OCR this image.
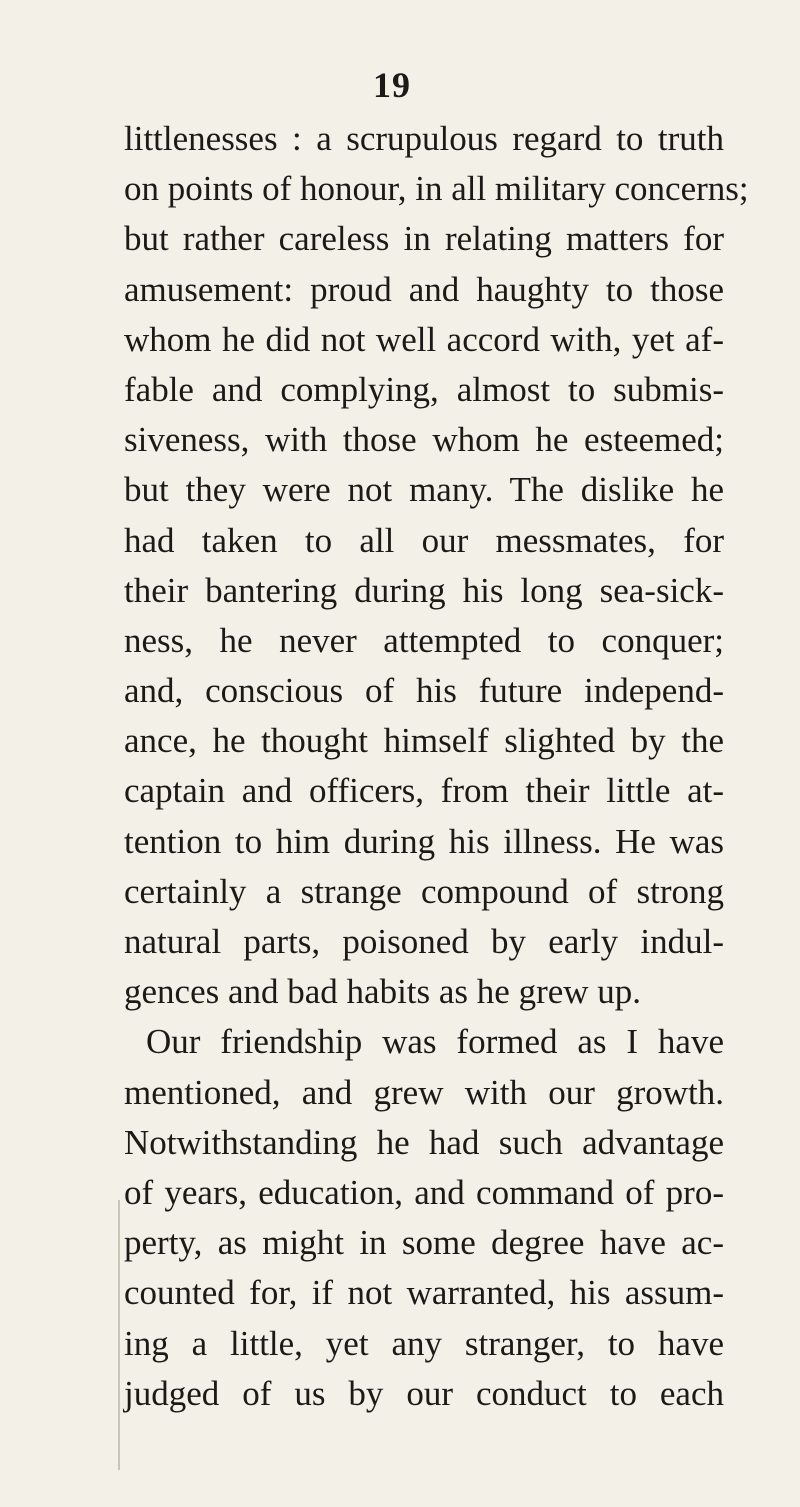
19
littlenesses : a scrupulous regard to truth
on points of honour, in all military concerns;
but rather careless in relating matters for
amusement: proud and haughty to those
whom he did not well accord with, yet af-
fable and complying, almost to submis-
siveness, with those whom he esteemed;
but they were not many. The dislike he
had taken to all our messmates, for
their bantering during his long sea-sick-
ness, he never attempted to conquer;
and, conscious of his future independ-
ance, he thought himself slighted by the
captain and officers, from their little at-
tention to him during his illness. He was
certainly a strange compound of strong
natural parts, poisoned by early indul-
gences and bad habits as he grew up.
Our friendship was formed as I have
mentioned, and grew with our growth.
Notwithstanding he had such advantage
of years, education, and command of pro-
perty, as might in some degree have ac-
counted for, if not warranted, his assum-
ing a little, yet any stranger, to have
judged of us by our conduct to each
